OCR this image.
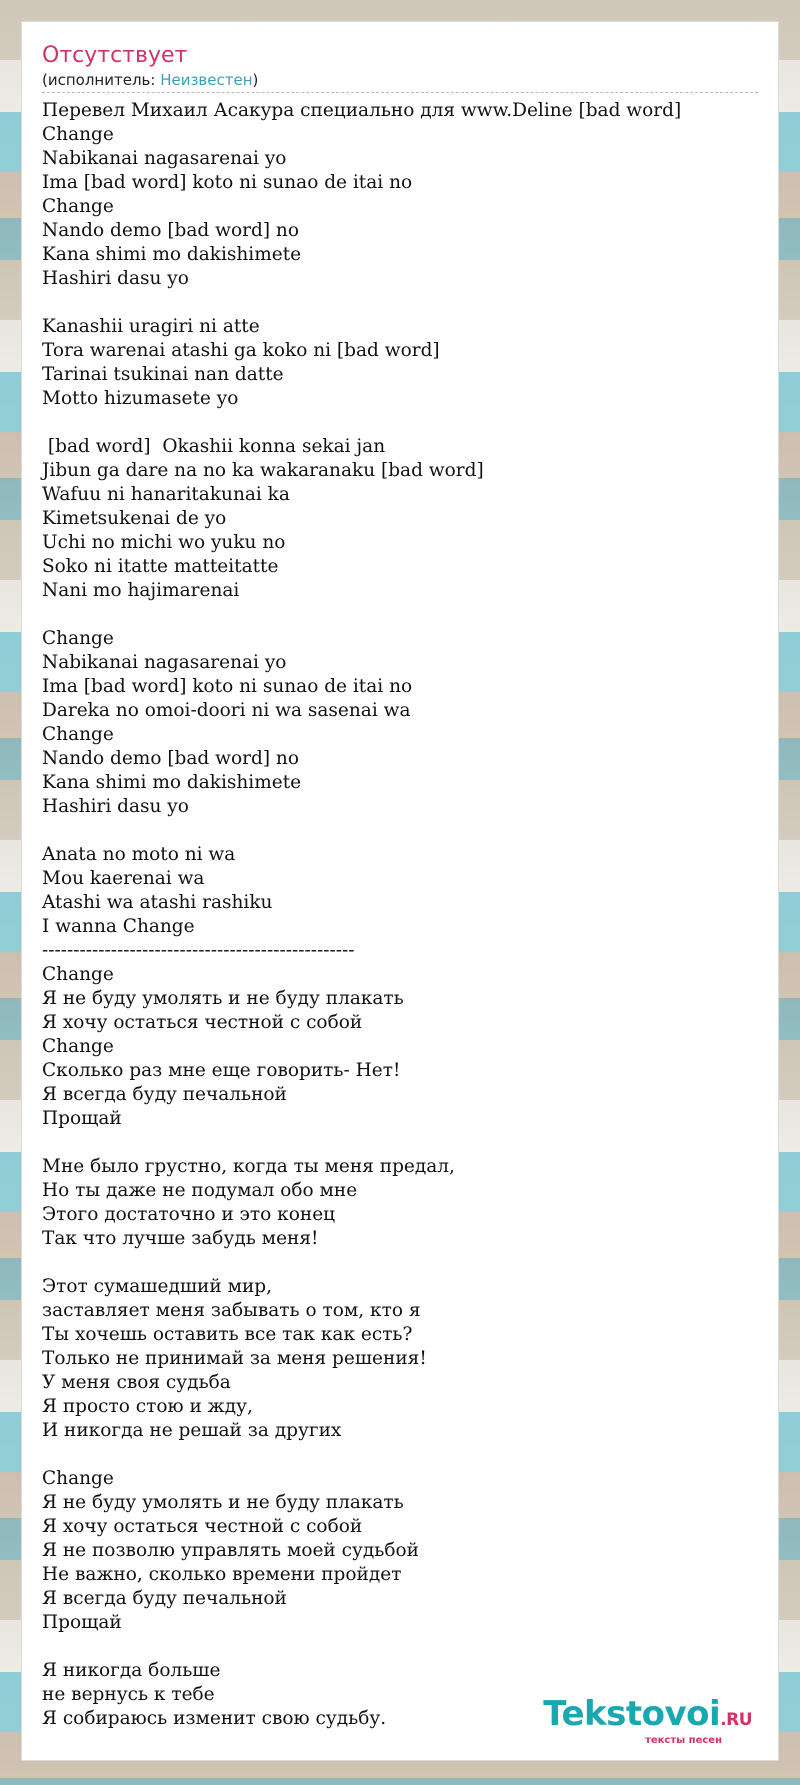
Отсутствует
(исполнитель: Неизвестен)
Перевел Михаил Асакура специально для www.Deline [bad word]
Change
Nabikanai nagasarenai yo
Ima [bad word] koto ni sunao de itai no
Change
Nando demo [bad word] no
Kana shimi mo dakishimete
Hashiri dasu yo

Kanashii uragiri ni atte
Tora warenai atashi ga koko ni [bad word]
Tarinai tsukinai nan datte
Motto hizumasete yo

[bad word]  Okashii konna sekai jan
Jibun ga dare na no ka wakaranaku [bad word]
Wafuu ni hanaritakunai ka
Kimetsukenai de yo
Uchi no michi wo yuku no
Soko ni itatte matteitatte
Nani mo hajimarenai

Change
Nabikanai nagasarenai yo
Ima [bad word] koto ni sunao de itai no
Dareka no omoi-doori ni wa sasenai wa
Change
Nando demo [bad word] no
Kana shimi mo dakishimete
Hashiri dasu yo

Anata no moto ni wa
Mou kaerenai wa
Atashi wa atashi rashiku
I wanna Change
--------------------------------------------------
Change
Я не буду умолять и не буду плакать
Я хочу остаться честной с собой
Change
Сколько раз мне еще говорить- Нет!
Я всегда буду печальной
Прощай

Мне было грустно, когда ты меня предал,
Но ты даже не подумал обо мне
Этого достаточно и это конец
Так что лучше забудь меня!

Этот сумашедший мир,
заставляет меня забывать о том, кто я
Ты хочешь оставить все так как есть?
Только не принимай за меня решения!
У меня своя судьба
Я просто стою и жду,
И никогда не решай за других

Change
Я не буду умолять и не буду плакать
Я хочу остаться честной с собой
Я не позволю управлять моей судьбой
Не важно, сколько времени пройдет
Я всегда буду печальной
Прощай

Я никогда больше
не вернусь к тебе
Я собираюсь изменит свою судьбу.	Tekstovoi.RU
тексты песен
